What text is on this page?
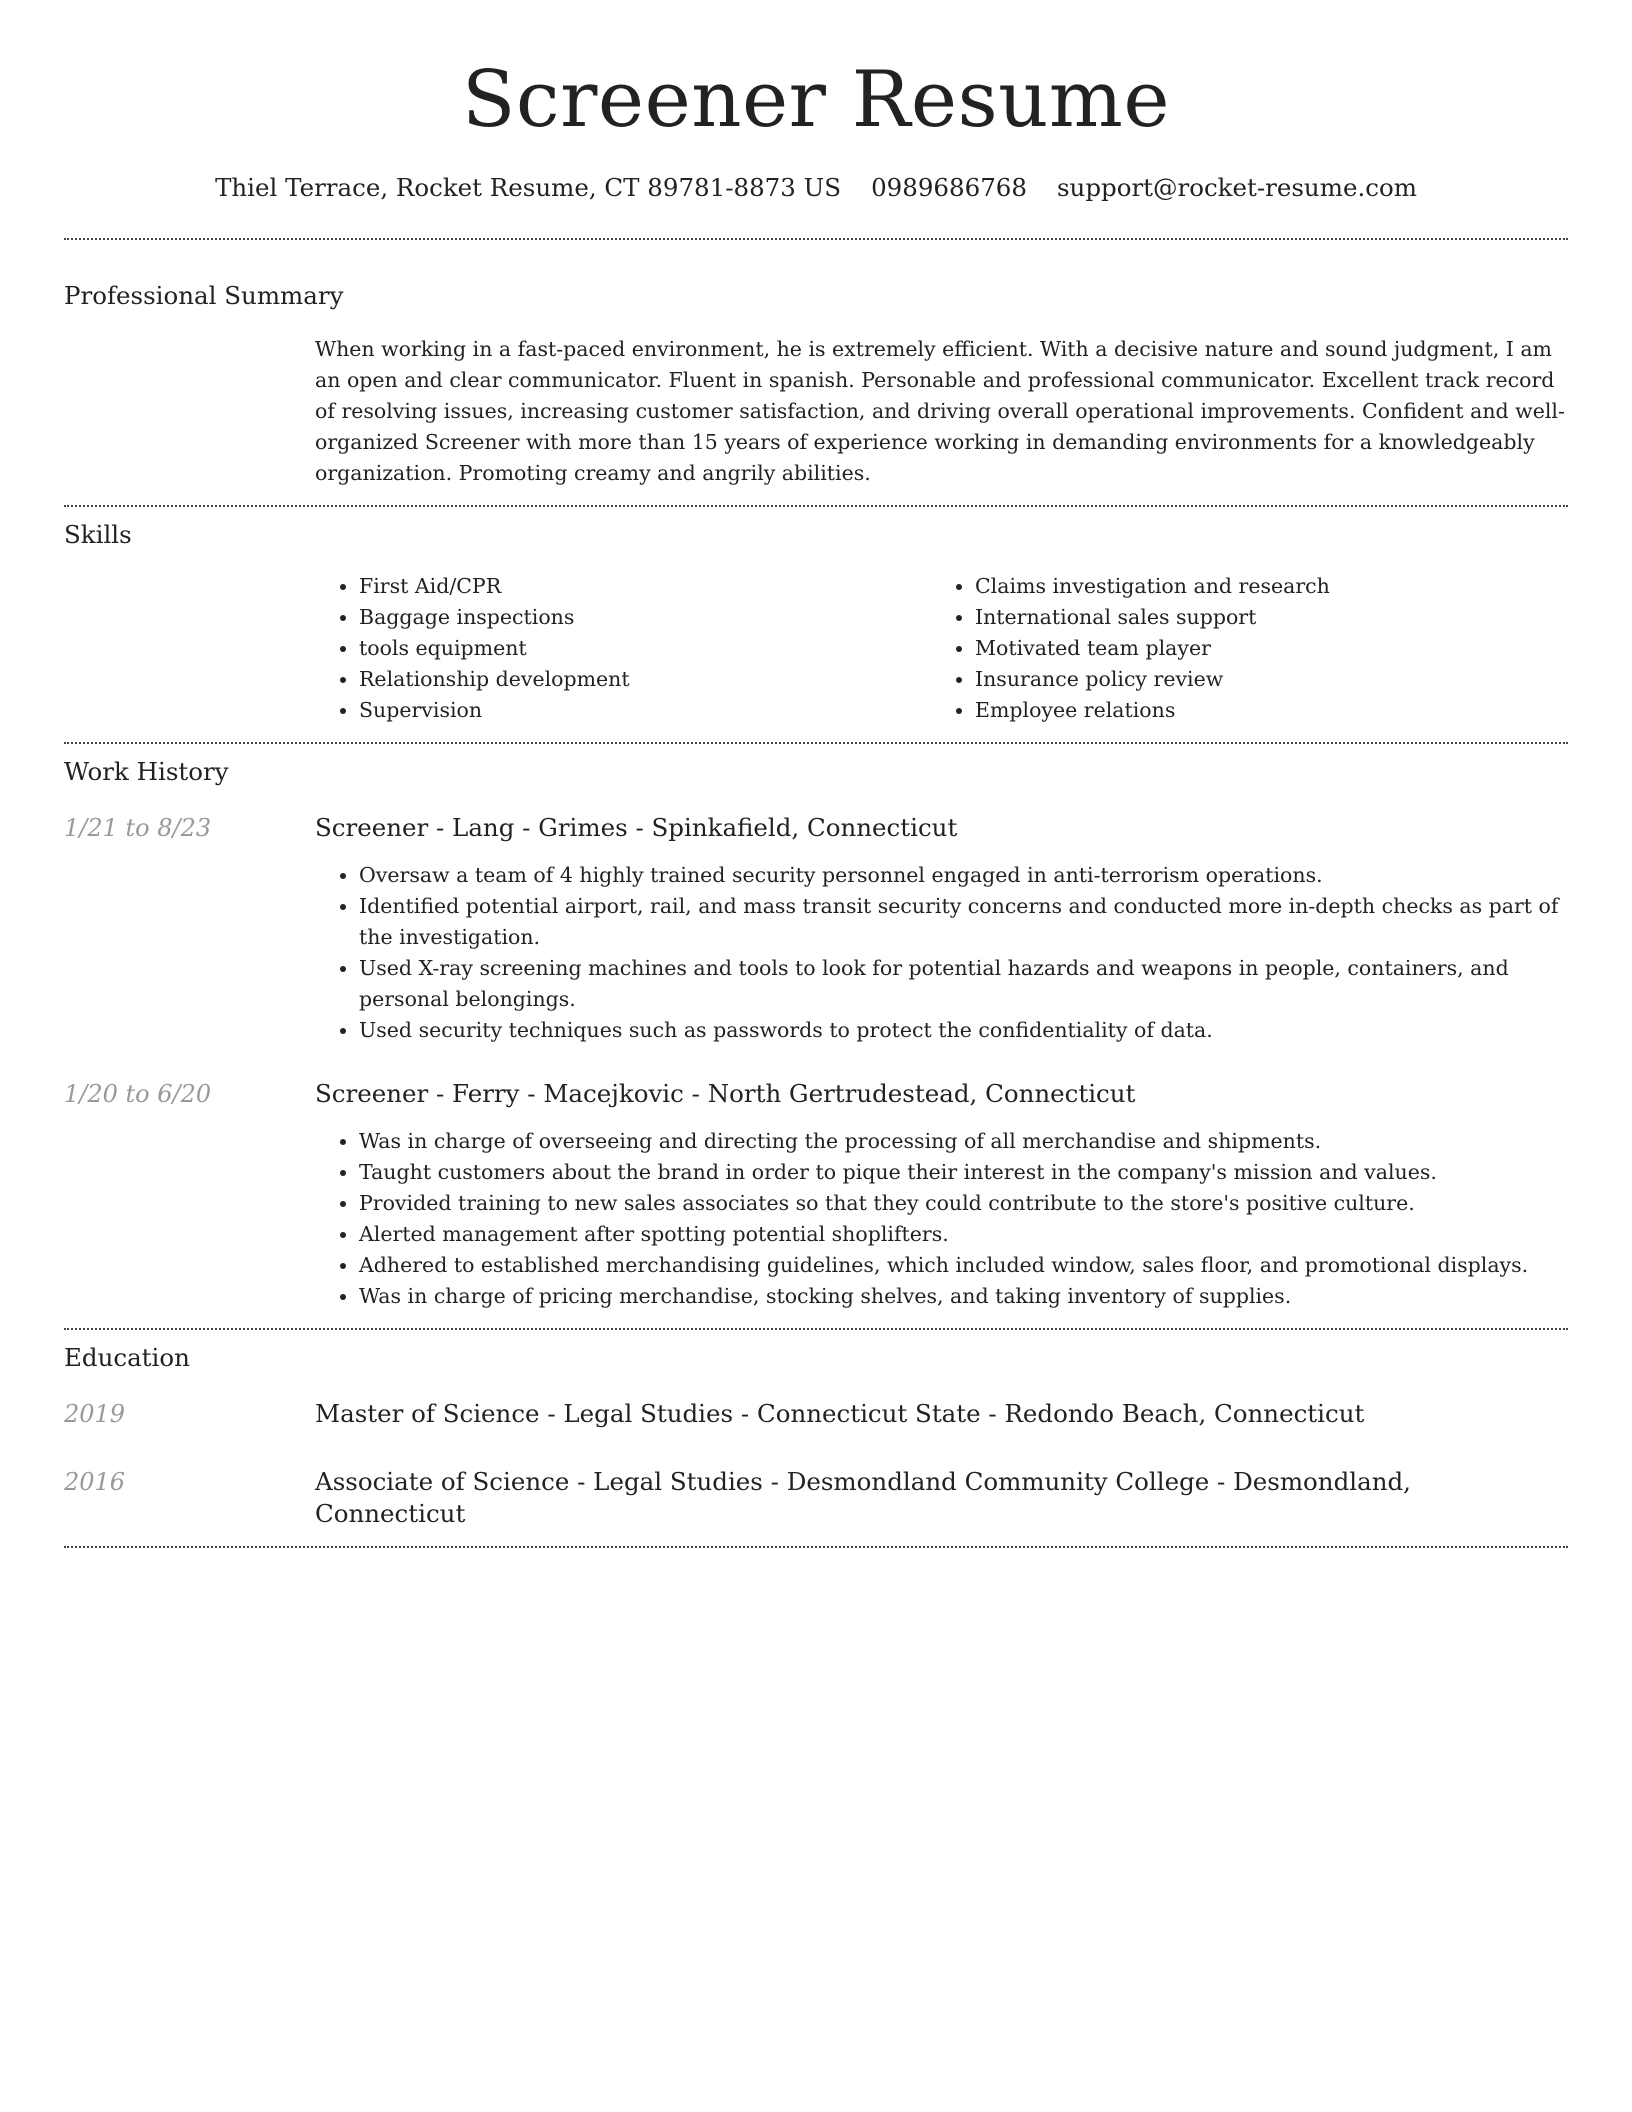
Screener Resume
Thiel Terrace, Rocket Resume, CT 89781-8873 US 0989686768 support@rocket-resume.com
Professional Summary

When working in a fast-paced environment, he is extremely efficient. With a decisive nature and sound judgment, I am an open and clear communicator. Fluent in spanish. Personable and professional communicator. Excellent track record of resolving issues, increasing customer satisfaction, and driving overall operational improvements. Confident and well-organized Screener with more than 15 years of experience working in demanding environments for a knowledgeably organization. Promoting creamy and angrily abilities.

Skills
• First Aid/CPR
• Baggage inspections
• tools equipment
• Relationship development
• Supervision
• Claims investigation and research
• International sales support
• Motivated team player
• Insurance policy review
• Employee relations
Work History
1/21 to 8/23	Screener - Lang - Grimes - Spinkafield, Connecticut
• Oversaw a team of 4 highly trained security personnel engaged in anti-terrorism operations.
• Identified potential airport, rail, and mass transit security concerns and conducted more in-depth checks as part of the investigation.
• Used X-ray screening machines and tools to look for potential hazards and weapons in people, containers, and personal belongings.
• Used security techniques such as passwords to protect the confidentiality of data.
1/20 to 6/20	Screener - Ferry - Macejkovic - North Gertrudestead, Connecticut
• Was in charge of overseeing and directing the processing of all merchandise and shipments.
• Taught customers about the brand in order to pique their interest in the company's mission and values.
• Provided training to new sales associates so that they could contribute to the store's positive culture.
• Alerted management after spotting potential shoplifters.
• Adhered to established merchandising guidelines, which included window, sales floor, and promotional displays.
• Was in charge of pricing merchandise, stocking shelves, and taking inventory of supplies.
Education
2019	Master of Science - Legal Studies - Connecticut State - Redondo Beach, Connecticut
2016	Associate of Science - Legal Studies - Desmondland Community College - Desmondland, Connecticut
